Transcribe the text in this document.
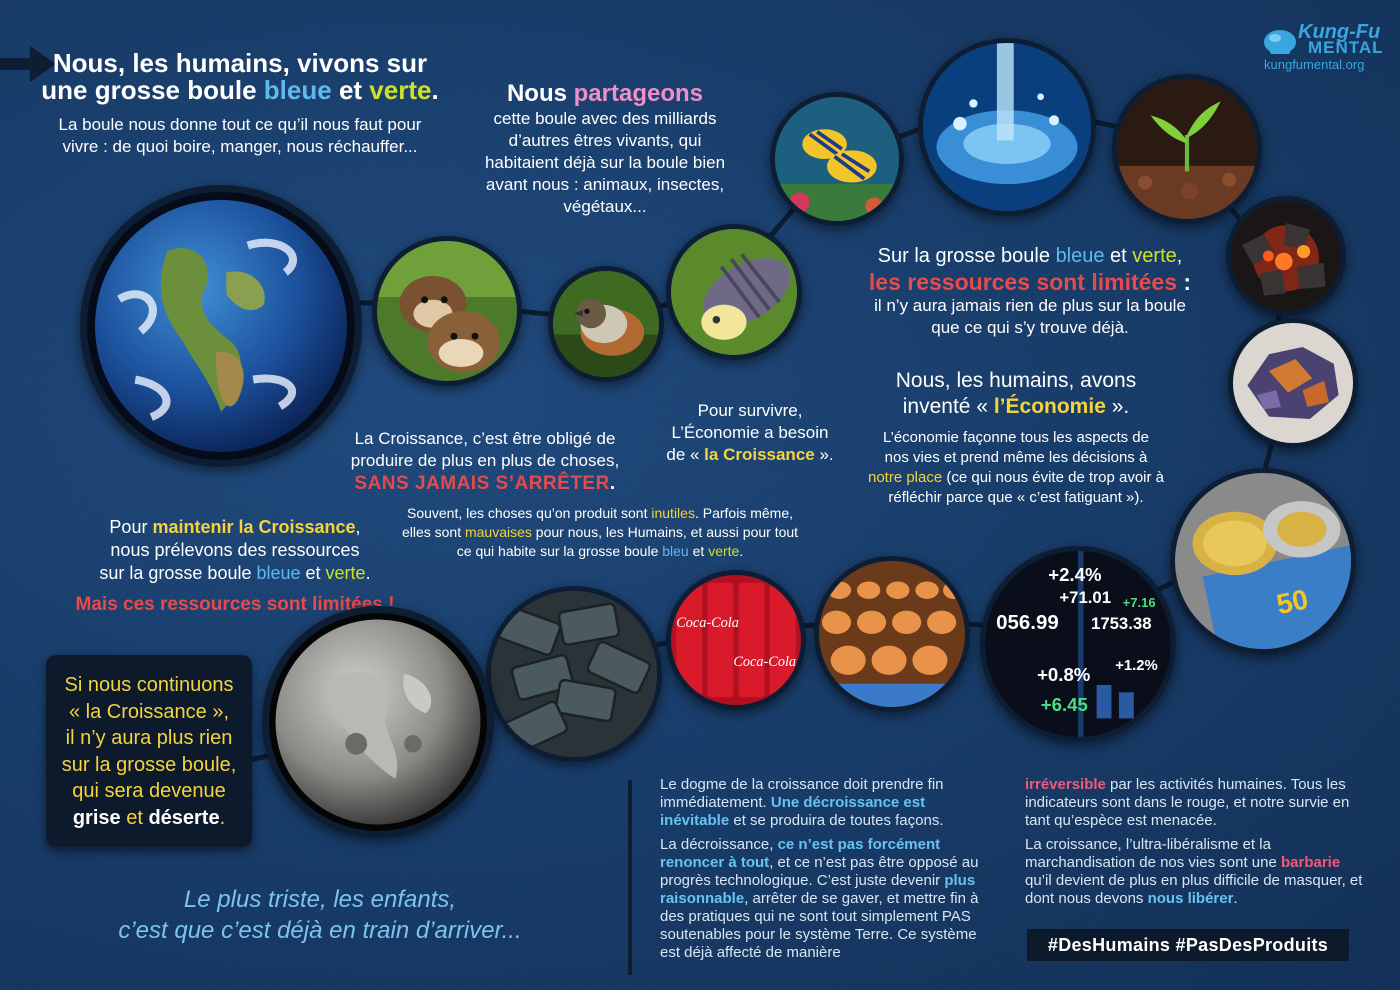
Kung-Fu
MENTAL
kungfumental.org
Nous, les humains, vivons sur
une grosse boule bleue et verte.
La boule nous donne tout ce qu’il nous faut pour
vivre : de quoi boire, manger, nous réchauffer...
Nous partageons
cette boule avec des milliards
d’autres êtres vivants, qui
habitaient déjà sur la boule bien
avant nous : animaux, insectes,
végétaux...
Sur la grosse boule bleue et verte,
les ressources sont limitées :
il n’y aura jamais rien de plus sur la boule
que ce qui s’y trouve déjà.
Nous, les humains, avons
inventé « l’Économie ».
L’économie façonne tous les aspects de
nos vies et prend même les décisions à
notre place (ce qui nous évite de trop avoir à
réfléchir parce que « c’est fatiguant »).
Pour survivre,
L’Économie a besoin
de « la Croissance ».
La Croissance, c’est être obligé de
produire de plus en plus de choses,
SANS JAMAIS S’ARRÊTER.
Souvent, les choses qu’on produit sont inutiles. Parfois même,
elles sont mauvaises pour nous, les Humains, et aussi pour tout
ce qui habite sur la grosse boule bleu et verte.
Pour maintenir la Croissance,
nous prélevons des ressources
sur la grosse boule bleue et verte.
Mais ces ressources sont limitées !
Si nous continuons
« la Croissance »,
il n’y aura plus rien
sur la grosse boule,
qui sera devenue
grise et déserte.
Le plus triste, les enfants,
c’est que c’est déjà en train d’arriver...
Le dogme de la croissance doit prendre fin immédiatement. Une décroissance est inévitable et se produira de toutes façons.
La décroissance, ce n’est pas forcément renoncer à tout, et ce n’est pas être opposé au progrès technologique. C’est juste devenir plus raisonnable, arrêter de se gaver, et mettre fin à des pratiques qui ne sont tout simplement PAS soutenables pour le système Terre. Ce système est déjà affecté de manière
irréversible par les activités humaines. Tous les indicateurs sont dans le rouge, et notre survie en tant qu’espèce est menacée.
La croissance, l’ultra-libéralisme et la marchandisation de nos vies sont une barbarie qu’il devient de plus en plus difficile de masquer, et dont nous devons nous libérer.
#DesHumains #PasDesProduits
50
+2.4%
+71.01
056.99	1753.38
+7.16
+0.8%	+1.2%
+6.45
Coca-Cola
Coca-Cola
